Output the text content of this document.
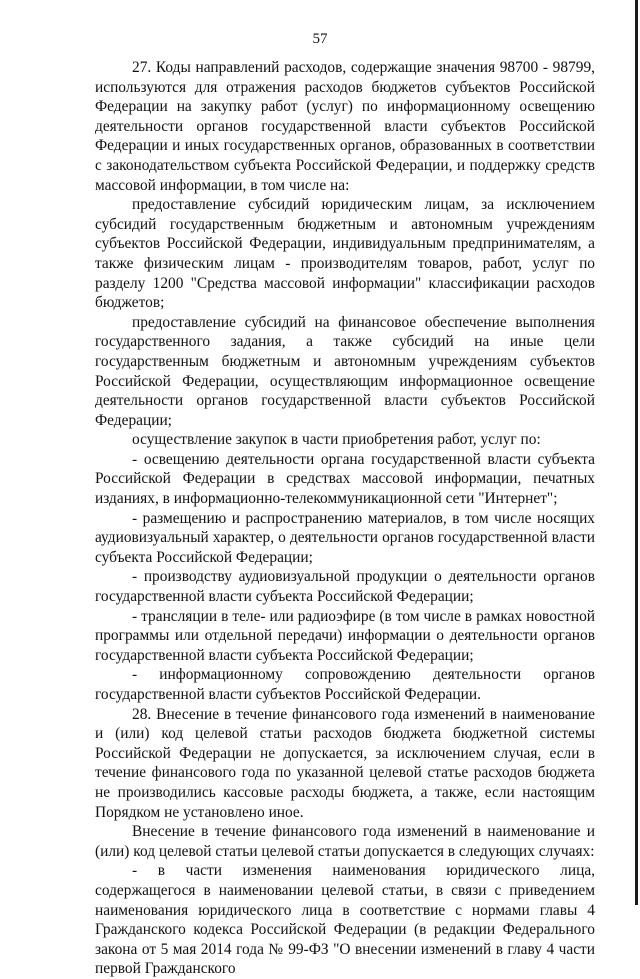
57

27. Коды направлений расходов, содержащие значения 98700 - 98799, используются для отражения расходов бюджетов субъектов Российской Федерации на закупку работ (услуг) по информационному освещению деятельности органов государственной власти субъектов Российской Федерации и иных государственных органов, образованных в соответствии с законодательством субъекта Российской Федерации, и поддержку средств массовой информации, в том числе на:

предоставление субсидий юридическим лицам, за исключением субсидий государственным бюджетным и автономным учреждениям субъектов Российской Федерации, индивидуальным предпринимателям, а также физическим лицам - производителям товаров, работ, услуг по разделу 1200 "Средства массовой информации" классификации расходов бюджетов;

предоставление субсидий на финансовое обеспечение выполнения государственного задания, а также субсидий на иные цели государственным бюджетным и автономным учреждениям субъектов Российской Федерации, осуществляющим информационное освещение деятельности органов государственной власти субъектов Российской Федерации;

осуществление закупок в части приобретения работ, услуг по:

- освещению деятельности органа государственной власти субъекта Российской Федерации в средствах массовой информации, печатных изданиях, в информационно-телекоммуникационной сети "Интернет";

- размещению и распространению материалов, в том числе носящих аудиовизуальный характер, о деятельности органов государственной власти субъекта Российской Федерации;

- производству аудиовизуальной продукции о деятельности органов государственной власти субъекта Российской Федерации;

- трансляции в теле- или радиоэфире (в том числе в рамках новостной программы или отдельной передачи) информации о деятельности органов государственной власти субъекта Российской Федерации;

- информационному сопровождению деятельности органов государственной власти субъектов Российской Федерации.

28. Внесение в течение финансового года изменений в наименование и (или) код целевой статьи расходов бюджета бюджетной системы Российской Федерации не допускается, за исключением случая, если в течение финансового года по указанной целевой статье расходов бюджета не производились кассовые расходы бюджета, а также, если настоящим Порядком не установлено иное.

Внесение в течение финансового года изменений в наименование и (или) код целевой статьи целевой статьи допускается в следующих случаях:

- в части изменения наименования юридического лица, содержащегося в наименовании целевой статьи, в связи с приведением наименования юридического лица в соответствие с нормами главы 4 Гражданского кодекса Российской Федерации (в редакции Федерального закона от 5 мая 2014 года № 99-ФЗ "О внесении изменений в главу 4 части первой Гражданского
